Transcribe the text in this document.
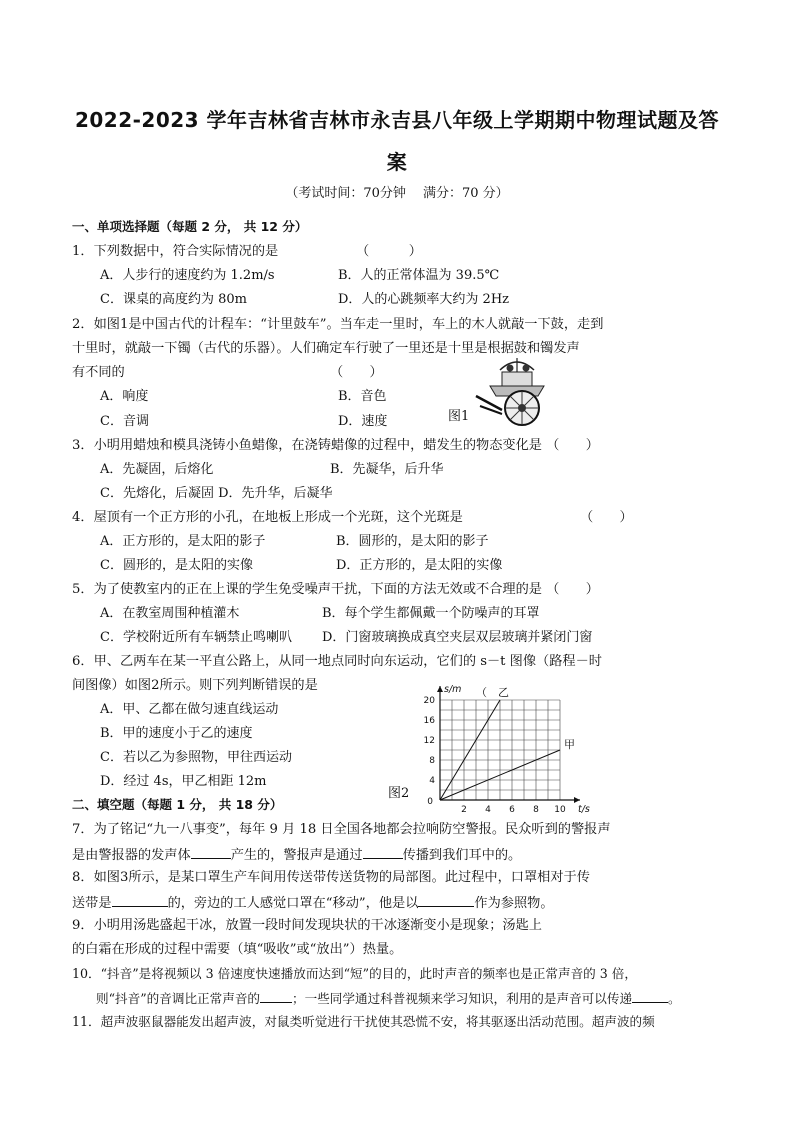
2022-2023 学年吉林省吉林市永吉县八年级上学期期中物理试题及答
案
（考试时间：70分钟　 满分：70 分）
一、单项选择题（每题 2 分， 共 12 分）
1．下列数据中，符合实际情况的是	（　　　）
A．人步行的速度约为 1.2m/s	B．人的正常体温为 39.5℃
C．课桌的高度约为 80m	D．人的心跳频率大约为 2Hz
2．如图1是中国古代的计程车：“计里鼓车”。当车走一里时，车上的木人就敲一下鼓，走到
十里时，就敲一下镯（古代的乐器）。人们确定车行驶了一里还是十里是根据鼓和镯发声
有不同的	（　　）
A．响度	B．音色
C．音调	D．速度	图1
3．小明用蜡烛和模具浇铸小鱼蜡像，在浇铸蜡像的过程中，蜡发生的物态变化是 （　　）
A．先凝固，后熔化	B．先凝华，后升华
C．先熔化，后凝固 D．先升华，后凝华
4．屋顶有一个正方形的小孔，在地板上形成一个光斑，这个光斑是	（　　）
A．正方形的，是太阳的影子	B．圆形的，是太阳的影子
C．圆形的，是太阳的实像	D．正方形的，是太阳的实像
5．为了使教室内的正在上课的学生免受噪声干扰，下面的方法无效或不合理的是 （　　）
A．在教室周围种植灌木	B．每个学生都佩戴一个防噪声的耳罩
C．学校附近所有车辆禁止鸣喇叭 D．门窗玻璃换成真空夹层双层玻璃并紧闭门窗
6．甲、乙两车在某一平直公路上，从同一地点同时向东运动，它们的 s－t 图像（路程－时
间图像）如图2所示。则下列判断错误的是
A．甲、乙都在做匀速直线运动
B．甲的速度小于乙的速度
C．若以乙为参照物，甲往西运动
D．经过 4s，甲乙相距 12m
图2
2 4 6 8 10
4
8
12
16
20
0
t/s
s/m （　乙
甲
二、填空题（每题 1 分， 共 18 分）
7．为了铭记“九一八事变”，每年 9 月 18 日全国各地都会拉响防空警报。民众听到的警报声
是由警报器的发声体	产生的，警报声是通过	传播到我们耳中的。
8．如图3所示，是某口罩生产车间用传送带传送货物的局部图。此过程中，口罩相对于传
送带是	的，旁边的工人感觉口罩在“移动”，他是以	作为参照物。
9．小明用汤匙盛起干冰，放置一段时间发现块状的干冰逐渐变小是现象；汤匙上
的白霜在形成的过程中需要（填“吸收”或“放出”）热量。
10．“抖音”是将视频以 3 倍速度快速播放而达到“短”的目的，此时声音的频率也是正常声音的 3 倍，
则“抖音”的音调比正常声音的	；一些同学通过科普视频来学习知识，利用的是声音可以传递	。
11．超声波驱鼠器能发出超声波，对鼠类听觉进行干扰使其恐慌不安，将其驱逐出活动范围。超声波的频
